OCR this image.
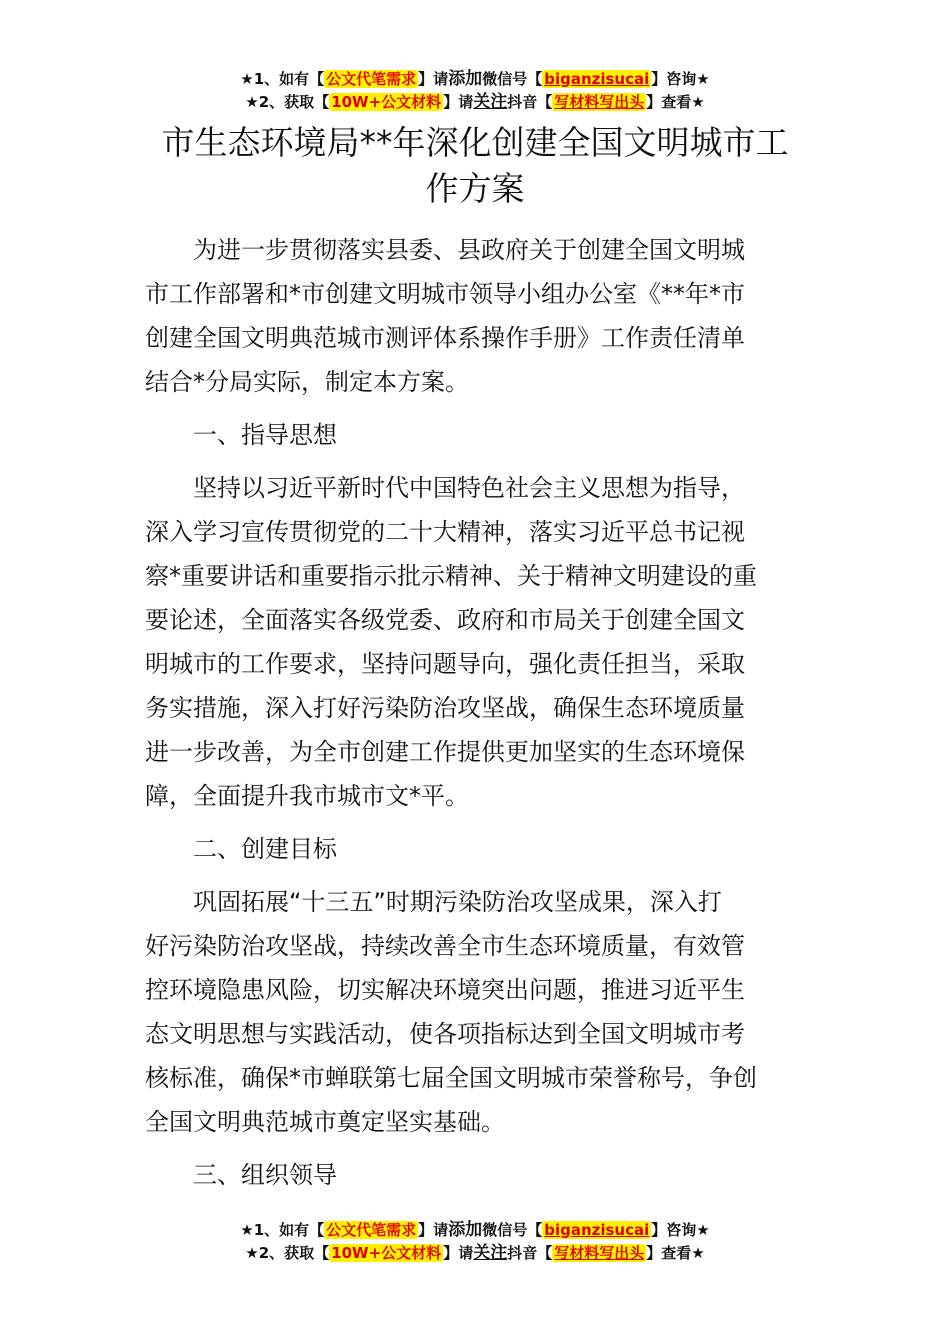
★1、如有【 公文代笔需求 】请添加微信号【 biganzisucai 】咨询★
★2、获取【 10W+公文材料 】请关注抖音【 写材料写出头 】查看★
市生态环境局**年深化创建全国文明城市工
作方案

为进一步贯彻落实县委、县政府关于创建全国文明城
市工作部署和*市创建文明城市领导小组办公室《**年*市
创建全国文明典范城市测评体系操作手册》工作责任清单
结合*分局实际，制定本方案。

一、指导思想

坚持以习近平新时代中国特色社会主义思想为指导，
深入学习宣传贯彻党的二十大精神，落实习近平总书记视
察*重要讲话和重要指示批示精神、关于精神文明建设的重
要论述，全面落实各级党委、政府和市局关于创建全国文
明城市的工作要求，坚持问题导向，强化责任担当，采取
务实措施，深入打好污染防治攻坚战，确保生态环境质量
进一步改善，为全市创建工作提供更加坚实的生态环境保
障，全面提升我市城市文*平。

二、创建目标

巩固拓展“十三五”时期污染防治攻坚成果，深入打
好污染防治攻坚战，持续改善全市生态环境质量，有效管
控环境隐患风险，切实解决环境突出问题，推进习近平生
态文明思想与实践活动，使各项指标达到全国文明城市考
核标准，确保*市蝉联第七届全国文明城市荣誉称号，争创
全国文明典范城市奠定坚实基础。

三、组织领导
★1、如有【 公文代笔需求 】请添加微信号【 biganzisucai 】咨询★
★2、获取【 10W+公文材料 】请关注抖音【 写材料写出头 】查看★
